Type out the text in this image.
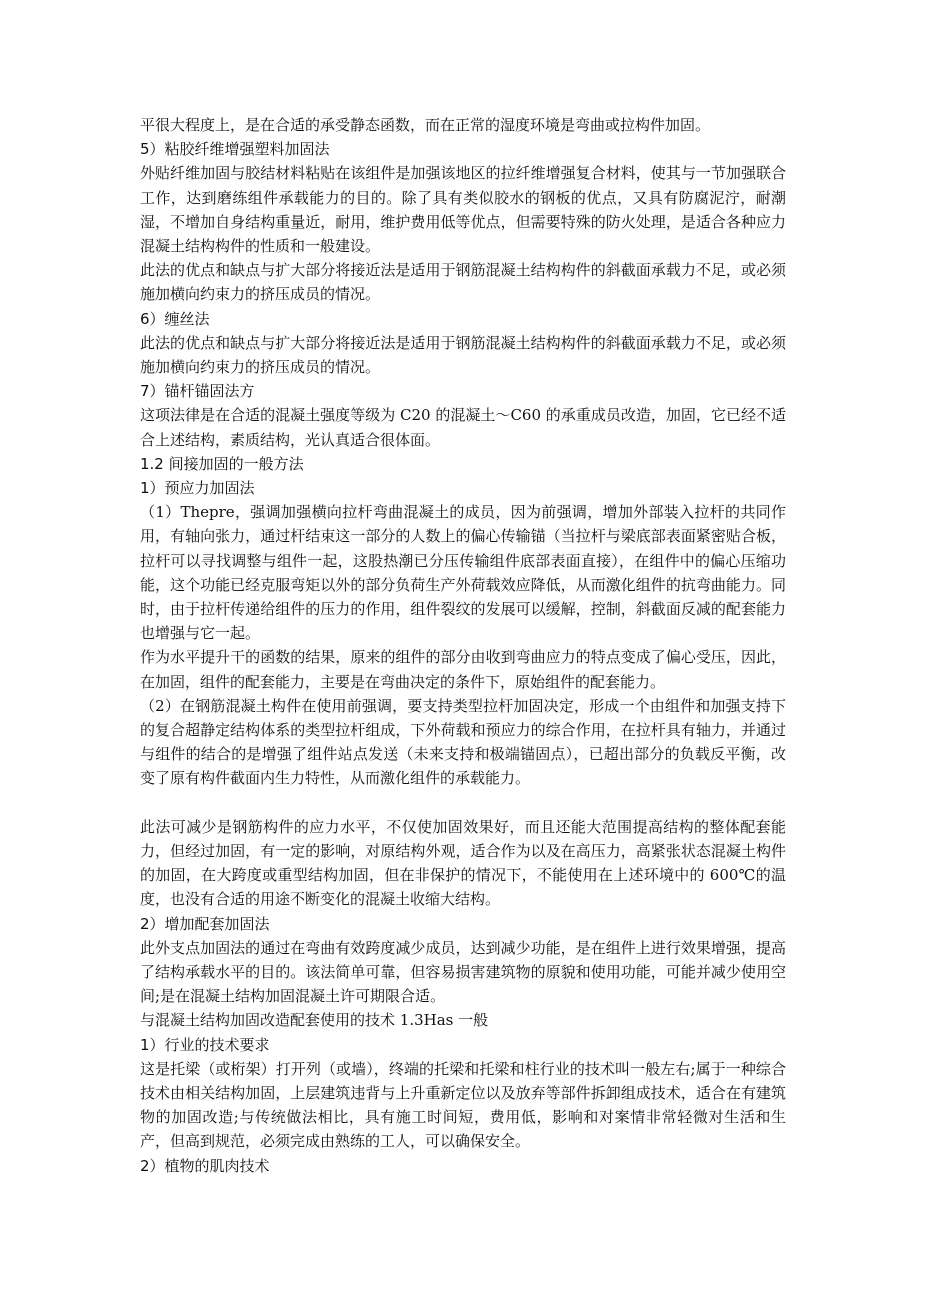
平很大程度上，是在合适的承受静态函数，而在正常的湿度环境是弯曲或拉构件加固。

5）粘胶纤维增强塑料加固法

外贴纤维加固与胶结材料粘贴在该组件是加强该地区的拉纤维增强复合材料，使其与一节加强联合工作，达到磨练组件承载能力的目的。除了具有类似胶水的钢板的优点，又具有防腐泥泞，耐潮湿，不增加自身结构重量近，耐用，维护费用低等优点，但需要特殊的防火处理，是适合各种应力混凝土结构构件的性质和一般建设。

此法的优点和缺点与扩大部分将接近法是适用于钢筋混凝土结构构件的斜截面承载力不足，或必须施加横向约束力的挤压成员的情况。

6）缠丝法

此法的优点和缺点与扩大部分将接近法是适用于钢筋混凝土结构构件的斜截面承载力不足，或必须施加横向约束力的挤压成员的情况。

7）锚杆锚固法方

这项法律是在合适的混凝土强度等级为 C20 的混凝土～C60 的承重成员改造，加固，它已经不适合上述结构，素质结构，光认真适合很体面。

1.2 间接加固的一般方法

1）预应力加固法

（1）Thepre，强调加强横向拉杆弯曲混凝土的成员，因为前强调，增加外部装入拉杆的共同作用，有轴向张力，通过杆结束这一部分的人数上的偏心传输锚（当拉杆与梁底部表面紧密贴合板，拉杆可以寻找调整与组件一起，这股热潮已分压传输组件底部表面直接），在组件中的偏心压缩功能，这个功能已经克服弯矩以外的部分负荷生产外荷载效应降低，从而激化组件的抗弯曲能力。同时，由于拉杆传递给组件的压力的作用，组件裂纹的发展可以缓解，控制，斜截面反减的配套能力也增强与它一起。

作为水平提升干的函数的结果，原来的组件的部分由收到弯曲应力的特点变成了偏心受压，因此，在加固，组件的配套能力，主要是在弯曲决定的条件下，原始组件的配套能力。

（2）在钢筋混凝土构件在使用前强调，要支持类型拉杆加固决定，形成一个由组件和加强支持下的复合超静定结构体系的类型拉杆组成，下外荷载和预应力的综合作用，在拉杆具有轴力，并通过与组件的结合的是增强了组件站点发送（未来支持和极端锚固点），已超出部分的负载反平衡，改变了原有构件截面内生力特性，从而激化组件的承载能力。

此法可减少是钢筋构件的应力水平，不仅使加固效果好，而且还能大范围提高结构的整体配套能力，但经过加固，有一定的影响，对原结构外观，适合作为以及在高压力，高紧张状态混凝土构件的加固，在大跨度或重型结构加固，但在非保护的情况下，不能使用在上述环境中的 600℃的温度，也没有合适的用途不断变化的混凝土收缩大结构。

2）增加配套加固法

此外支点加固法的通过在弯曲有效跨度减少成员，达到减少功能，是在组件上进行效果增强，提高了结构承载水平的目的。该法简单可靠，但容易损害建筑物的原貌和使用功能，可能并减少使用空间;是在混凝土结构加固混凝土许可期限合适。

与混凝土结构加固改造配套使用的技术 1.3Has 一般

1）行业的技术要求

这是托梁（或桁架）打开列（或墙），终端的托梁和托梁和柱行业的技术叫一般左右;属于一种综合技术由相关结构加固，上层建筑违背与上升重新定位以及放弃等部件拆卸组成技术，适合在有建筑物的加固改造;与传统做法相比，具有施工时间短，费用低，影响和对案情非常轻微对生活和生产，但高到规范，必须完成由熟练的工人，可以确保安全。

2）植物的肌肉技术
